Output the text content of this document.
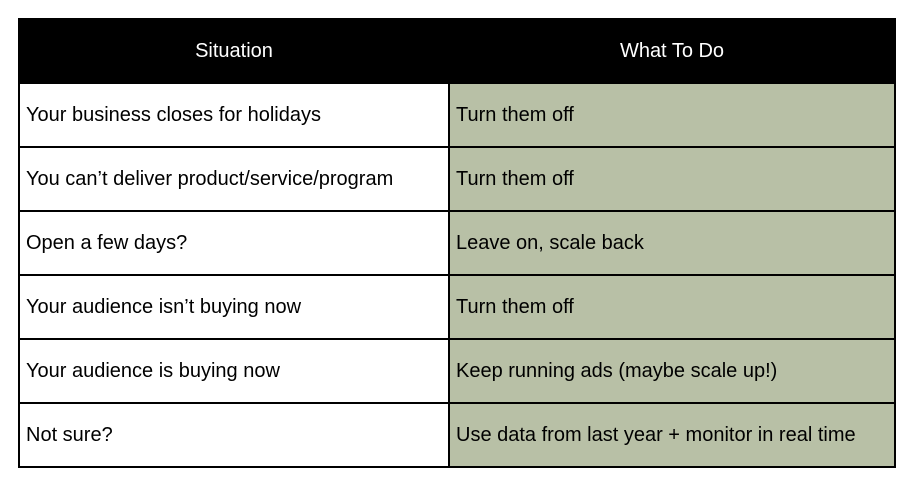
Situation	What To Do
Your business closes for holidays	Turn them off
You can’t deliver product/service/program	Turn them off
Open a few days?	Leave on, scale back
Your audience isn’t buying now	Turn them off
Your audience is buying now	Keep running ads (maybe scale up!)
Not sure?	Use data from last year + monitor in real time
